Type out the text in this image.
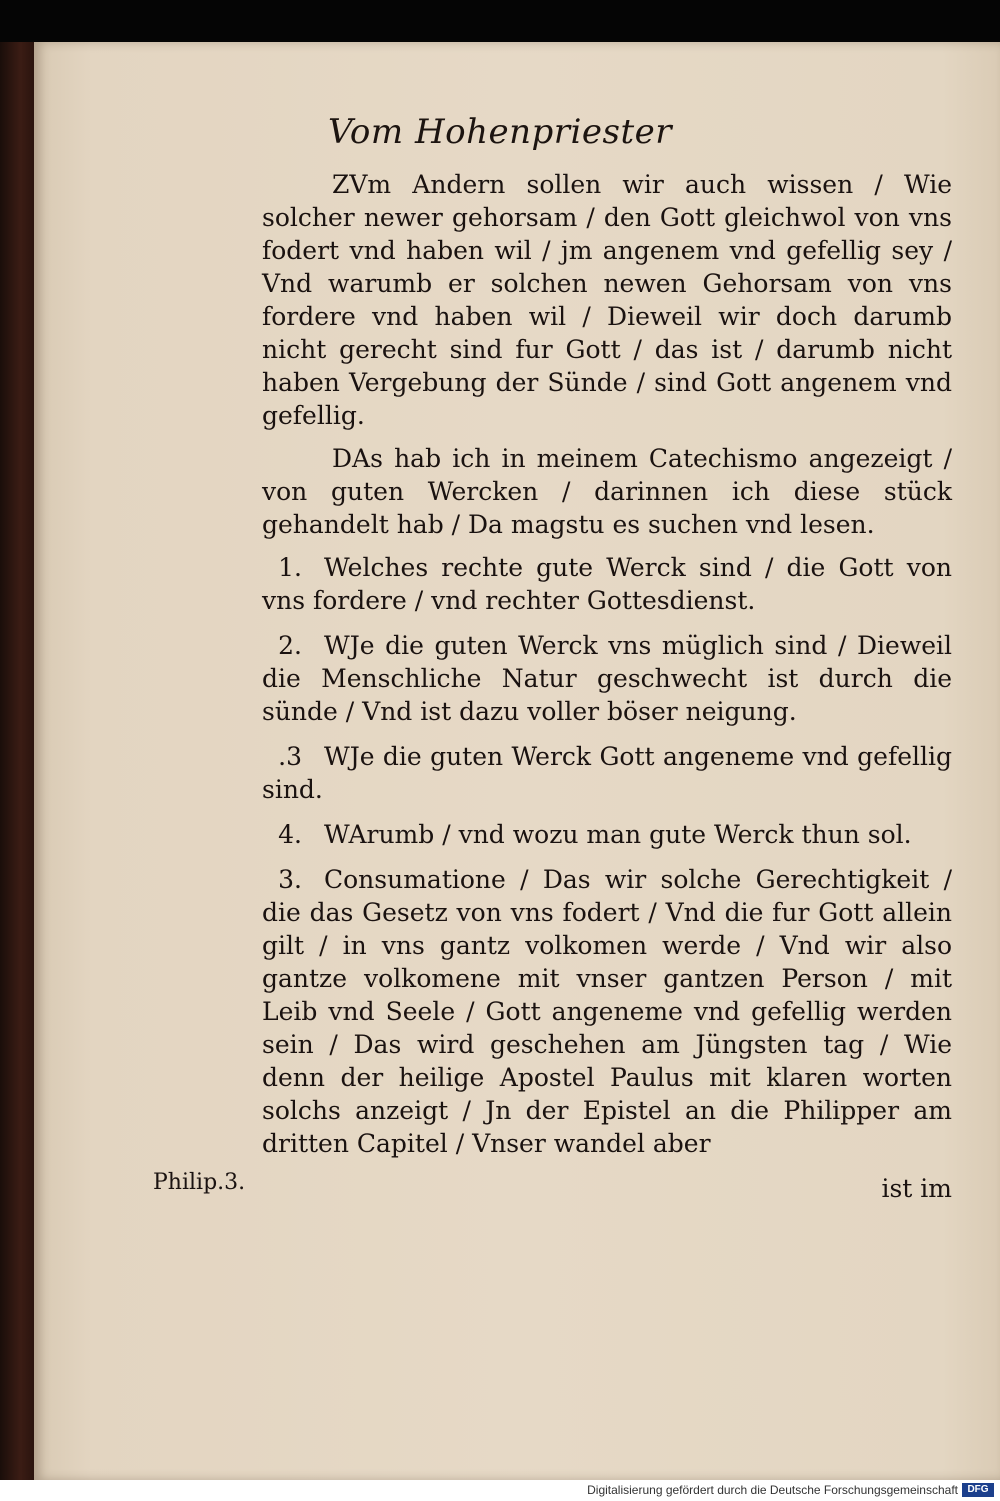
Vom Hohenpriester

ZVm Andern sollen wir auch wissen / Wie solcher newer gehorsam / den Gott gleichwol von vns fodert vnd haben wil / jm angenem vnd gefellig sey / Vnd warumb er solchen newen Gehorsam von vns fordere vnd haben wil / Dieweil wir doch darumb nicht gerecht sind fur Gott / das ist / darumb nicht haben Vergebung der Sünde / sind Gott angenem vnd gefellig.

DAs hab ich in meinem Catechismo angezeigt / von guten Wercken / darinnen ich diese stück gehandelt hab / Da magstu es suchen vnd lesen.

1. Welches rechte gute Werck sind / die Gott von vns fordere / vnd rechter Gottesdienst.

2. WJe die guten Werck vns müglich sind / Dieweil die Menschliche Natur geschwecht ist durch die sünde / Vnd ist dazu voller böser neigung.

.3 WJe die guten Werck Gott angeneme vnd gefellig sind.

4. WArumb / vnd wozu man gute Werck thun sol.

3. Consumatione / Das wir solche Gerechtigkeit / die das Gesetz von vns fodert / Vnd die fur Gott allein gilt / in vns gantz volkomen werde / Vnd wir also gantze volkomene mit vnser gantzen Person / mit Leib vnd Seele / Gott angeneme vnd gefellig werden sein / Das wird geschehen am Jüngsten tag / Wie denn der heilige Apostel Paulus mit klaren worten solchs anzeigt / Jn der Epistel an die Philipper am dritten Capitel / Vnser wandel aber

ist im

Philip.3.
Digitalisierung gefördert durch die Deutsche Forschungsgemeinschaft DFG
